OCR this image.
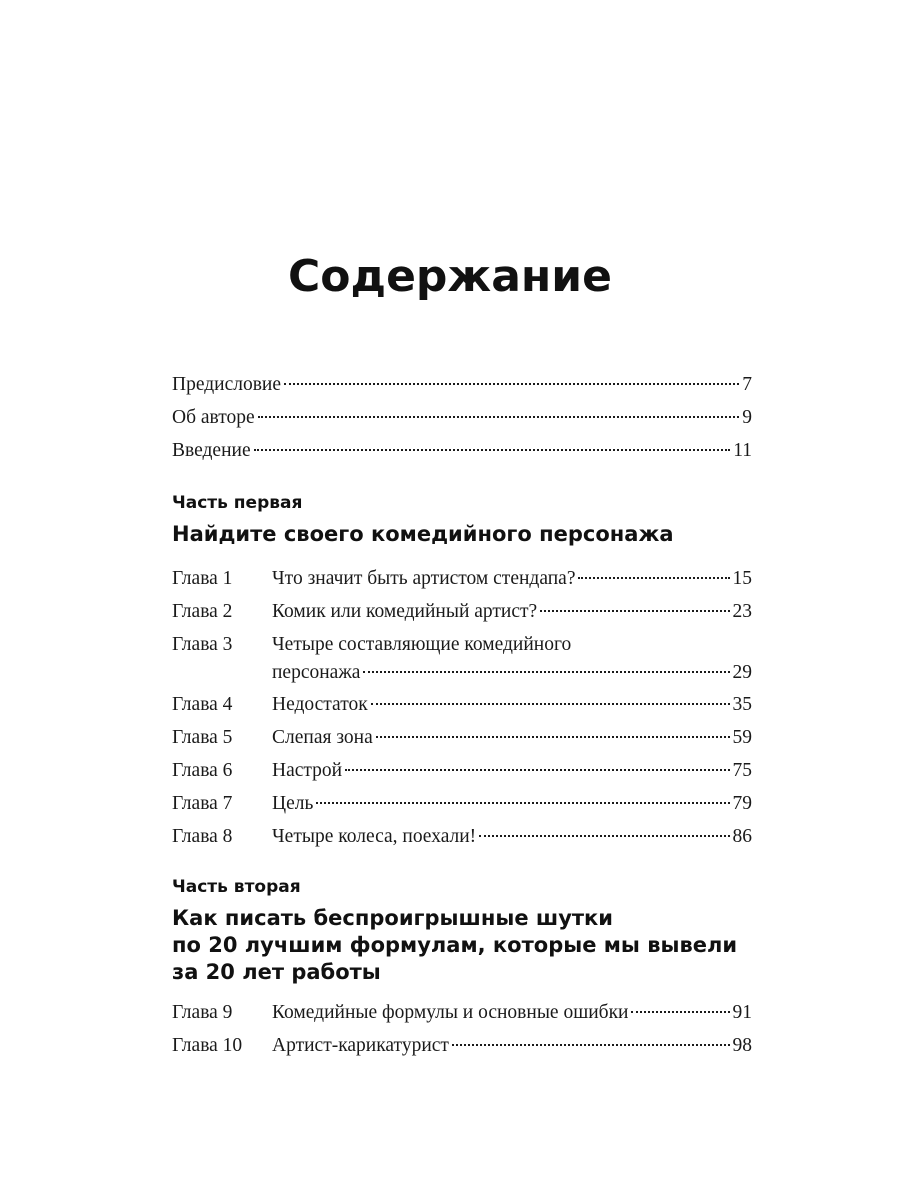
Содержание
Предисловие	7
Об авторе	9
Введение	11
Часть первая
Найдите своего комедийного персонажа
Глава 1	Что значит быть артистом стендапа?	15
Глава 2	Комик или комедийный артист?	23
Глава 3	Четыре составляющие комедийного
персонажа	29
Глава 4	Недостаток	35
Глава 5	Слепая зона	59
Глава 6	Настрой	75
Глава 7	Цель	79
Глава 8	Четыре колеса, поехали!	86
Часть вторая
Как писать беспроигрышные шутки
по 20 лучшим формулам, которые мы вывели
за 20 лет работы
Глава 9	Комедийные формулы и основные ошибки	91
Глава 10	Артист-карикатурист	98
